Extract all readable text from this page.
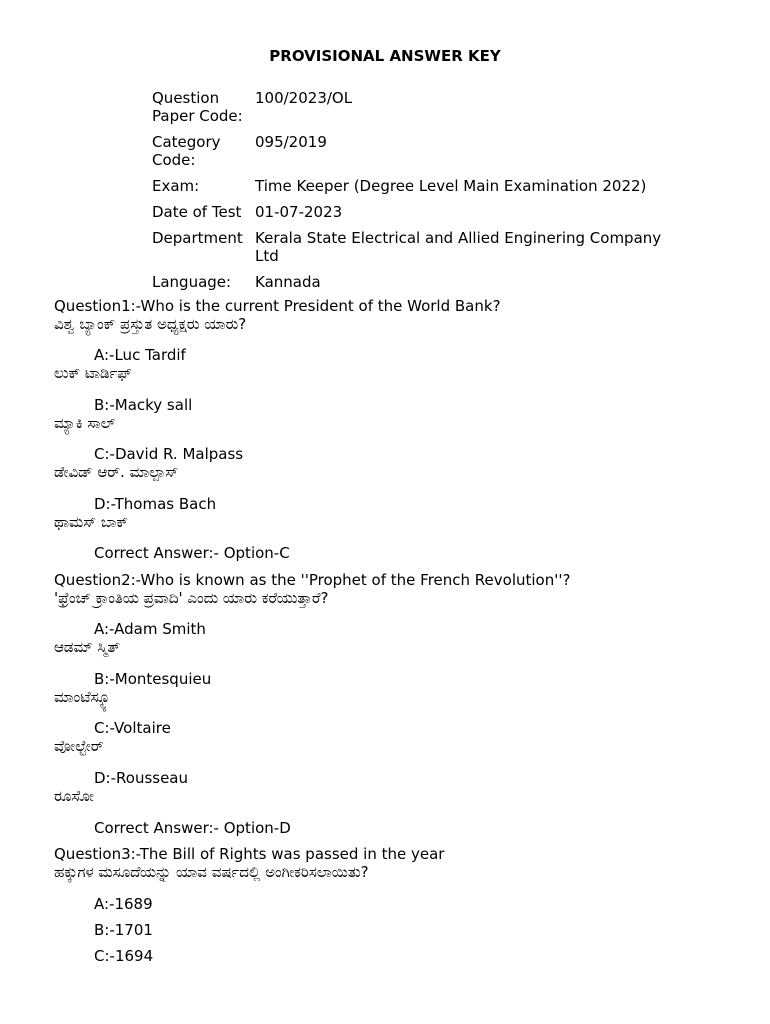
PROVISIONAL ANSWER KEY
Question Paper Code:	100/2023/OL
Category Code:	095/2019
Exam:	Time Keeper (Degree Level Main Examination 2022)
Date of Test	01-07-2023
Department	Kerala State Electrical and Allied Enginering Company Ltd
Language:	Kannada
Question1:-Who is the current President of the World Bank?
ವಿಶ್ವ ಬ್ಯಾಂಕ್ ಪ್ರಸ್ತುತ ಅಧ್ಯಕ್ಷರು ಯಾರು?
A:-Luc Tardif
ಲುಕ್ ಟಾರ್ಡಿಫ್
B:-Macky sall
ಮ್ಯಾಕಿ ಸಾಲ್
C:-David R. Malpass
ಡೇವಿಡ್ ಆರ್. ಮಾಲ್ಪಾಸ್
D:-Thomas Bach
ಥಾಮಸ್ ಬಾಕ್
Correct Answer:- Option-C
Question2:-Who is known as the ''Prophet of the French Revolution''?
'ಫ್ರೆಂಚ್ ಕ್ರಾಂತಿಯ ಪ್ರವಾದಿ' ಎಂದು ಯಾರು ಕರೆಯುತ್ತಾರೆ?
A:-Adam Smith
ಆಡಮ್ ಸ್ಮಿತ್
B:-Montesquieu
ಮಾಂಟೆಸ್ಕ್ಯೂ
C:-Voltaire
ವೋಲ್ಟೇರ್
D:-Rousseau
ರೂಸೋ
Correct Answer:- Option-D
Question3:-The Bill of Rights was passed in the year
ಹಕ್ಕುಗಳ ಮಸೂದೆಯನ್ನು ಯಾವ ವರ್ಷದಲ್ಲಿ ಅಂಗೀಕರಿಸಲಾಯಿತು?
A:-1689
B:-1701
C:-1694
